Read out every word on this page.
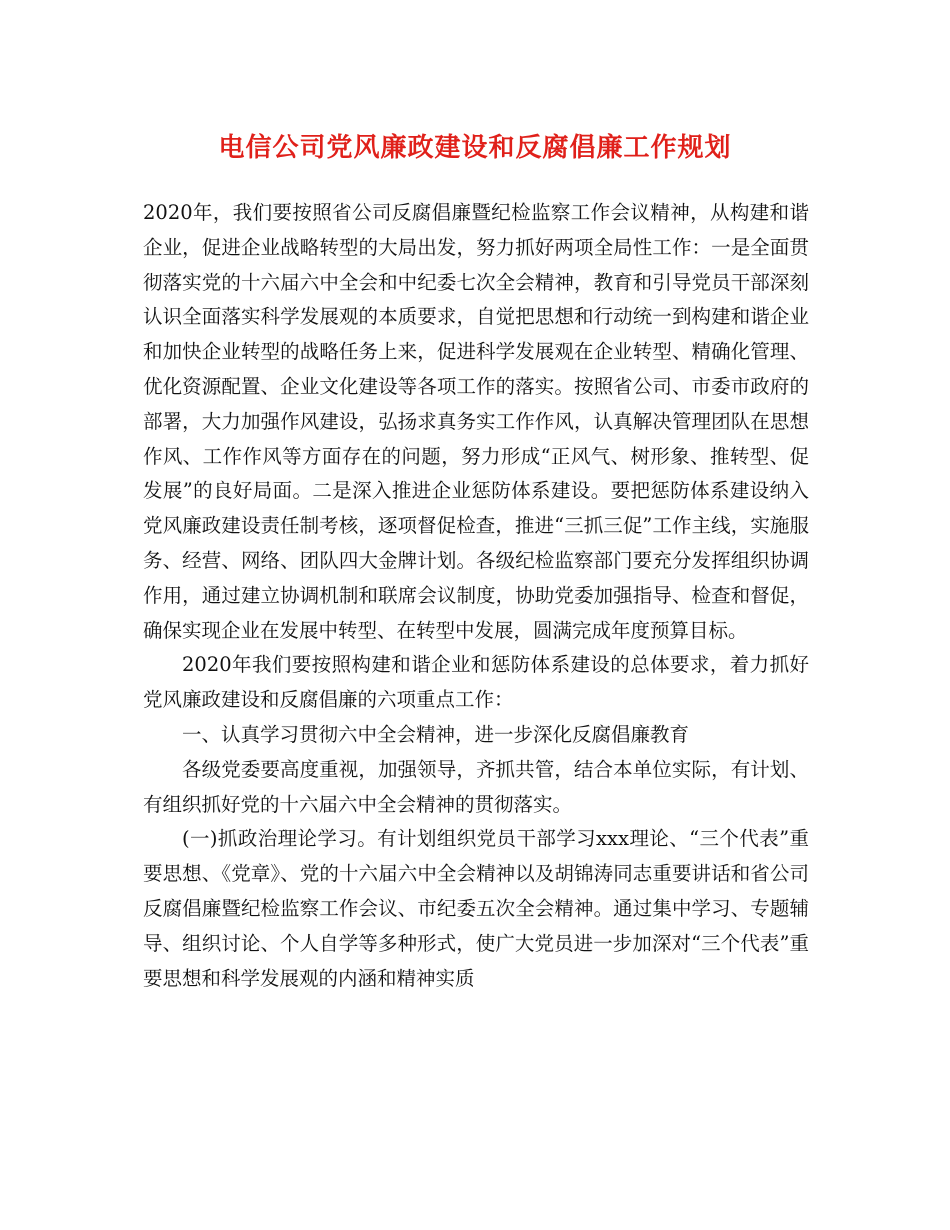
电信公司党风廉政建设和反腐倡廉工作规划

2020年，我们要按照省公司反腐倡廉暨纪检监察工作会议精神，从构建和谐企业，促进企业战略转型的大局出发，努力抓好两项全局性工作：一是全面贯彻落实党的十六届六中全会和中纪委七次全会精神，教育和引导党员干部深刻认识全面落实科学发展观的本质要求，自觉把思想和行动统一到构建和谐企业和加快企业转型的战略任务上来，促进科学发展观在企业转型、精确化管理、优化资源配置、企业文化建设等各项工作的落实。按照省公司、市委市政府的部署，大力加强作风建设，弘扬求真务实工作作风，认真解决管理团队在思想作风、工作作风等方面存在的问题，努力形成“正风气、树形象、推转型、促发展”的良好局面。二是深入推进企业惩防体系建设。要把惩防体系建设纳入党风廉政建设责任制考核，逐项督促检查，推进“三抓三促”工作主线，实施服务、经营、网络、团队四大金牌计划。各级纪检监察部门要充分发挥组织协调作用，通过建立协调机制和联席会议制度，协助党委加强指导、检查和督促，确保实现企业在发展中转型、在转型中发展，圆满完成年度预算目标。

2020年我们要按照构建和谐企业和惩防体系建设的总体要求，着力抓好党风廉政建设和反腐倡廉的六项重点工作：

一、认真学习贯彻六中全会精神，进一步深化反腐倡廉教育

各级党委要高度重视，加强领导，齐抓共管，结合本单位实际，有计划、有组织抓好党的十六届六中全会精神的贯彻落实。

(一)抓政治理论学习。有计划组织党员干部学习xxx理论、“三个代表”重要思想、《党章》、党的十六届六中全会精神以及胡锦涛同志重要讲话和省公司反腐倡廉暨纪检监察工作会议、市纪委五次全会精神。通过集中学习、专题辅导、组织讨论、个人自学等多种形式，使广大党员进一步加深对“三个代表”重要思想和科学发展观的内涵和精神实质
